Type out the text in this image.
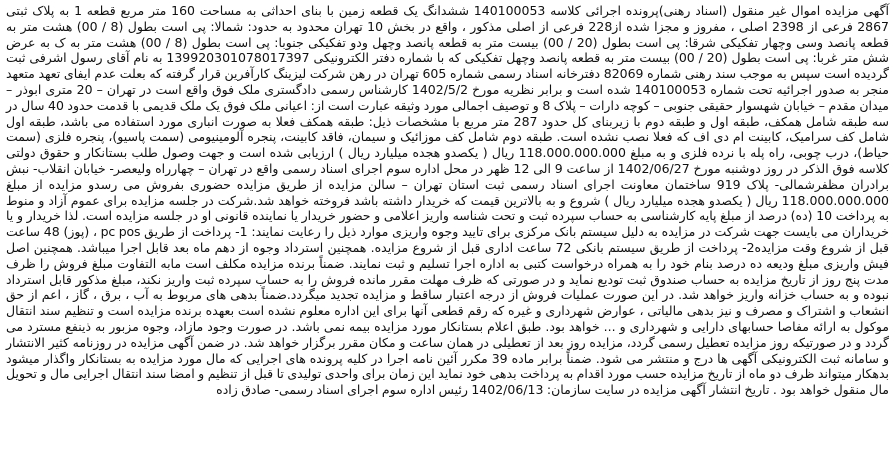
آگهی مزایده اموال غیر منقول (اسناد رهنی)پرونده اجرائی کلاسه 140100053 ششدانگ یک قطعه زمین با بنای احداثی به مساحت 160 متر مربع قطعه 1 به پلاک ثبتی 2867 فرعی از 2398 اصلی ، مفروز و مجزا شده از228 فرعی از اصلی مذکور ، واقع در بخش 10 تهران محدود به حدود: شمالا: پی است بطول (8 / 00) هشت متر به قطعه پانصد وسی وچهار تفکیکی شرقا: پی است بطول (20 / 00) بیست متر به قطعه پانصد وچهل ودو تفکیکی جنوبا: پی است بطول (8 / 00) هشت متر به ک به عرض شش متر غربا: پی است بطول (20 / 00) بیست متر به قطعه پانصد وچهل تفکیکی که با شماره دفتر الکترونیکی 139920301078017397 به نام آقای رسول اشرفی ثبت گردیده است سپس به موجب سند رهنی شماره 82069 دفترخانه اسناد رسمی شماره 605 تهران در رهن شرکت لیزینگ کارآفرین قرار گرفته که بعلت عدم ایفای تعهد متعهد منجر به صدور اجرائیه تحت شماره 140100053 شده است و برابر نظریه مورخ 1402/5/2 کارشناس رسمی دادگستری ملک فوق واقع است در تهران – 20 متری ابوذر – میدان مقدم – خیابان شهسوار حقیقی جنوبی – کوچه دارات – پلاک 8 و توصیف اجمالی مورد وثیقه عبارت است از: اعیانی ملک فوق یک ملک قدیمی با قدمت حدود 40 سال در سه طبقه شامل همکف، طبقه اول و طبقه دوم با زیربنای کل حدود 287 متر مربع با مشخصات ذیل: طبقه همکف فعلا به صورت انباری مورد استفاده می باشد، طبقه اول شامل کف سرامیک، کابینت ام دی اف که فعلا نصب نشده است. طبقه دوم شامل کف موزائیک و سیمان، فاقد کابینت، پنجره آلومینیومی (سمت پاسیو)، پنجره فلزی (سمت حیاط)، درب چوبی، راه پله با نرده فلزی و به مبلغ 118.000.000.000 ریال ( یکصدو هجده میلیارد ریال ) ارزیابی شده است و جهت وصول طلب بستانکار و حقوق دولتی کلاسه فوق الذکر در روز دوشنبه مورخ 1402/06/27 از ساعت 9 الی 12 ظهر در محل اداره سوم اجرای اسناد رسمی واقع در تهران – چهارراه ولیعصر- خیابان انقلاب- نبش برادران مظفرشمالی- پلاک 919 ساختمان معاونت اجرای اسناد رسمی ثبت استان تهران – سالن مزایده از طریق مزایده حضوری بفروش می رسدو مزایده از مبلغ 118.000.000.000 ریال ( یکصدو هجده میلیارد ریال ) شروع و به بالاترین قیمت که خریدار داشته باشد فروخته خواهد شد.شرکت در جلسه مزایده برای عموم آزاد و منوط به پرداخت 10 (ده) درصد از مبلغ پایه کارشناسی به حساب سپرده ثبت و تحت شناسه واریز اعلامی و حضور خریدار یا نماینده قانونی او در جلسه مزایده است. لذا خریدار و یا خریداران می بایست جهت شرکت در مزایده به دلیل سیستم بانک مرکزی برای تایید وجوه واریزی موارد ذیل را رعایت نمایند: 1- پرداخت از طریق pc pos ، (پوز) 48 ساعت قبل از شروع وقت مزایده2- پرداخت از طریق سیستم بانکی 72 ساعت اداری قبل از شروع مزایده. همچنین استرداد وجوه از دهم ماه بعد قابل اجرا میباشد. همچنین اصل فیش واریزی مبلغ ودیعه ده درصد بنام خود را به همراه درخواست کتبی به اداره اجرا تسلیم و ثبت نمایند. ضمناً برنده مزایده مکلف است مابه التفاوت مبلغ فروش را ظرف مدت پنج روز از تاریخ مزایده به حساب صندوق ثبت تودیع نماید و در صورتی که ظرف مهلت مقرر مانده فروش را به حساب سپرده ثبت واریز نکند، مبلغ مذکور قابل استرداد نبوده و به حساب خزانه واریز خواهد شد. در این صورت عملیات فروش از درجه اعتبار ساقط و مزایده تجدید میگردد.ضمناً بدهی های مربوط به آب ، برق ، گاز ، اعم از حق انشعاب و اشتراک و مصرف و نیز بدهی مالیاتی ، عوارض شهرداری و غیره که رقم قطعی آنها برای این اداره معلوم نشده است بعهده برنده مزایده است و تنظیم سند انتقال موکول به ارائه مفاصا حسابهای دارایی و شهرداری و ... خواهد بود. طبق اعلام بستانکار مورد مزایده بیمه نمی باشد. در صورت وجود مازاد، وجوه مزبور به ذینفع مسترد می گردد و در صورتیکه روز مزایده تعطیل رسمی گردد، مزایده روز بعد از تعطیلی در همان ساعت و مکان مقرر برگزار خواهد شد. در ضمن آگهی مزایده در روزنامه کثیر الانتشار و سامانه ثبت الکترونیکی آگهی ها درج و منتشر می شود. ضمناً برابر ماده 39 مکرر آئین نامه اجرا در کلیه پرونده های اجرایی که مال مورد مزایده به بستانکار واگذار میشود بدهکار میتواند ظرف دو ماه از تاریخ مزایده حسب مورد اقدام به پرداخت بدهی خود نماید این زمان برای واحدی تولیدی تا قبل از تنظیم و امضا سند انتقال اجرایی مال و تحویل مال منقول خواهد بود . تاریخ انتشار آگهی مزایده در سایت سازمان: 1402/06/13 رئیس اداره سوم اجرای اسناد رسمی- صادق زاده
